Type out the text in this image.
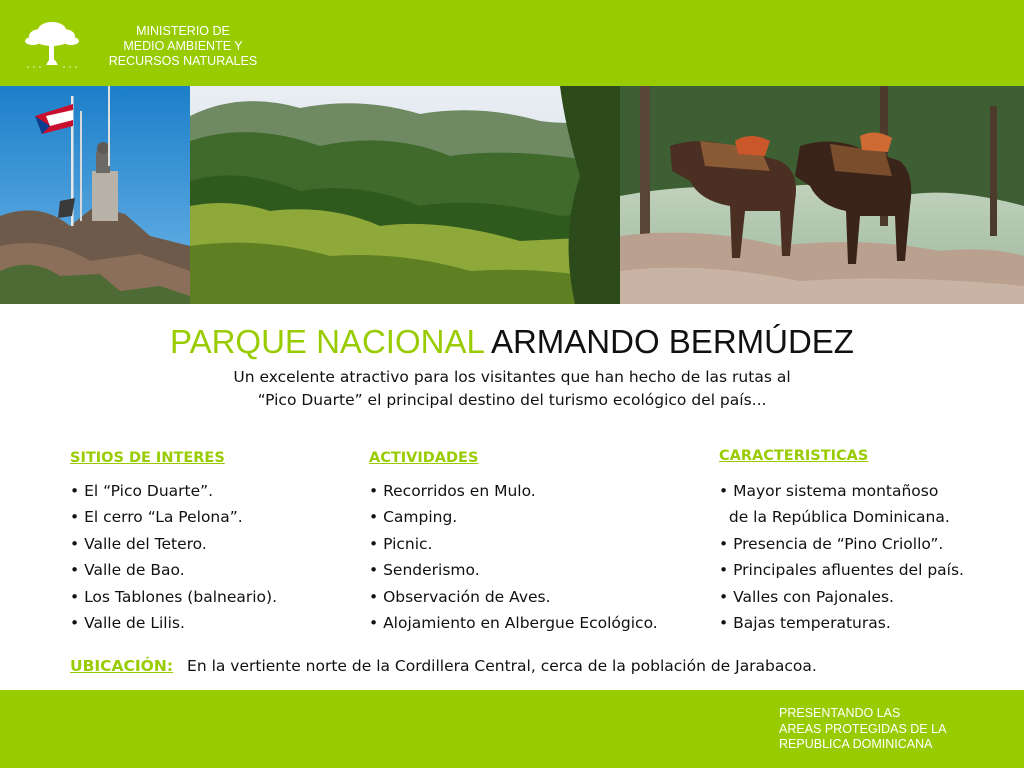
MINISTERIO DE
MEDIO AMBIENTE Y
RECURSOS NATURALES
PARQUE NACIONAL ARMANDO BERMÚDEZ
Un excelente atractivo para los visitantes que han hecho de las rutas al
“Pico Duarte” el principal destino del turismo ecológico del país...
SITIOS DE INTERES
• El “Pico Duarte”.
• El cerro “La Pelona”.
• Valle del Tetero.
• Valle de Bao.
• Los Tablones (balneario).
• Valle de Lilis.
ACTIVIDADES
• Recorridos en Mulo.
• Camping.
• Picnic.
• Senderismo.
• Observación de Aves.
• Alojamiento en Albergue Ecológico.
CARACTERISTICAS
• Mayor sistema montañoso
de la República Dominicana.
• Presencia de “Pino Criollo”.
• Principales afluentes del país.
• Valles con Pajonales.
• Bajas temperaturas.
UBICACIÓN: En la vertiente norte de la Cordillera Central, cerca de la población de Jarabacoa.
PRESENTANDO LAS
AREAS PROTEGIDAS DE LA
REPUBLICA DOMINICANA
